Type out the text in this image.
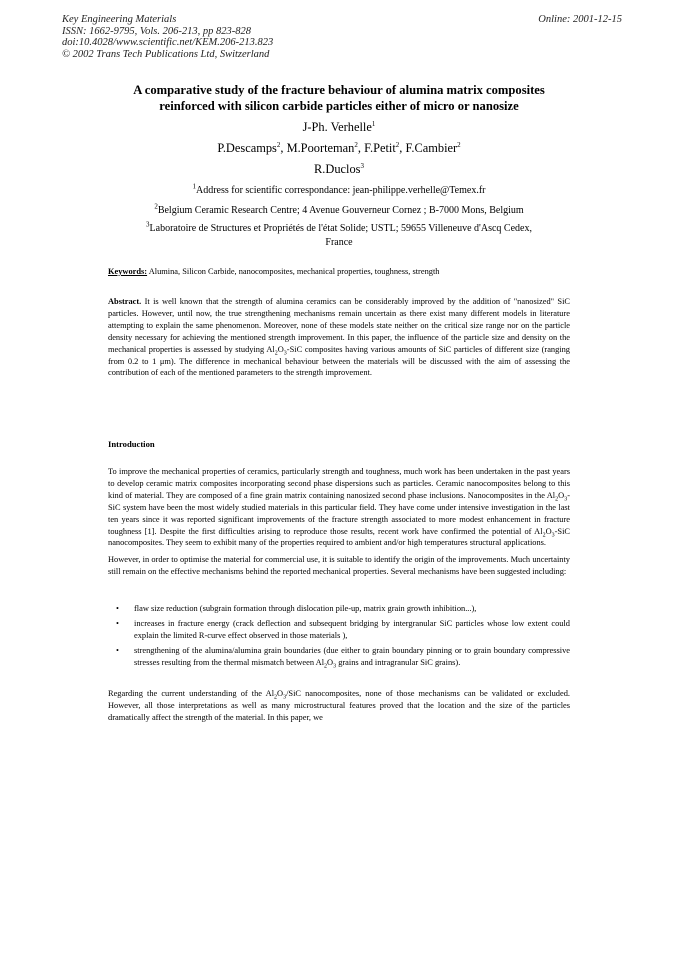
Key Engineering Materials
ISSN: 1662-9795, Vols. 206-213, pp 823-828
doi:10.4028/www.scientific.net/KEM.206-213.823
© 2002 Trans Tech Publications Ltd, Switzerland
Online: 2001-12-15
A comparative study of the fracture behaviour of alumina matrix composites
reinforced with silicon carbide particles either of micro or nanosize
J-Ph. Verhelle$^1$
P.Descamps$^2$, M.Poorteman$^2$, F.Petit$^2$, F.Cambier$^2$
R.Duclos$^3$
$^1$Address for scientific correspondance: jean-philippe.verhelle@Temex.fr
$^2$Belgium Ceramic Research Centre; 4 Avenue Gouverneur Cornez ; B-7000 Mons, Belgium
$^3$Laboratoire de Structures et Propriétés de l'état Solide; USTL; 59655 Villeneuve d'Ascq Cedex,
France
Keywords: Alumina, Silicon Carbide, nanocomposites, mechanical properties, toughness, strength
Abstract. It is well known that the strength of alumina ceramics can be considerably improved by the addition of "nanosized" SiC particles. However, until now, the true strengthening mechanisms remain uncertain as there exist many different models in literature attempting to explain the same phenomenon. Moreover, none of these models state neither on the critical size range nor on the particle density necessary for achieving the mentioned strength improvement. In this paper, the influence of the particle size and density on the mechanical properties is assessed by studying $Al_2O_3$-SiC composites having various amounts of SiC particles of different size (ranging from 0.2 to 1 μm). The difference in mechanical behaviour between the materials will be discussed with the aim of assessing the contribution of each of the mentioned parameters to the strength improvement.
Introduction
To improve the mechanical properties of ceramics, particularly strength and toughness, much work has been undertaken in the past years to develop ceramic matrix composites incorporating second phase dispersions such as particles. Ceramic nanocomposites belong to this kind of material. They are composed of a fine grain matrix containing nanosized second phase inclusions. Nanocomposites in the $Al_2O_3$-SiC system have been the most widely studied materials in this particular field. They have come under intensive investigation in the last ten years since it was reported significant improvements of the fracture strength associated to more modest enhancement in fracture toughness [1]. Despite the first difficulties arising to reproduce those results, recent work have confirmed the potential of $Al_2O_3$-SiC nanocomposites. They seem to exhibit many of the properties required to ambient and/or high temperatures structural applications.
However, in order to optimise the material for commercial use, it is suitable to identify the origin of the improvements. Much uncertainty still remain on the effective mechanisms behind the reported mechanical properties. Several mechanisms have been suggested including:
• flaw size reduction (subgrain formation through dislocation pile-up, matrix grain growth inhibition...),
• increases in fracture energy (crack deflection and subsequent bridging by intergranular SiC particles whose low extent could explain the limited R-curve effect observed in those materials ),
• strengthening of the alumina/alumina grain boundaries (due either to grain boundary pinning or to grain boundary compressive stresses resulting from the thermal mismatch between $Al_2O_3$ grains and intragranular SiC grains).
Regarding the current understanding of the $Al_2O_3$/SiC nanocomposites, none of those mechanisms can be validated or excluded. However, all those interpretations as well as many microstructural features proved that the location and the size of the particles dramatically affect the strength of the material. In this paper, we
